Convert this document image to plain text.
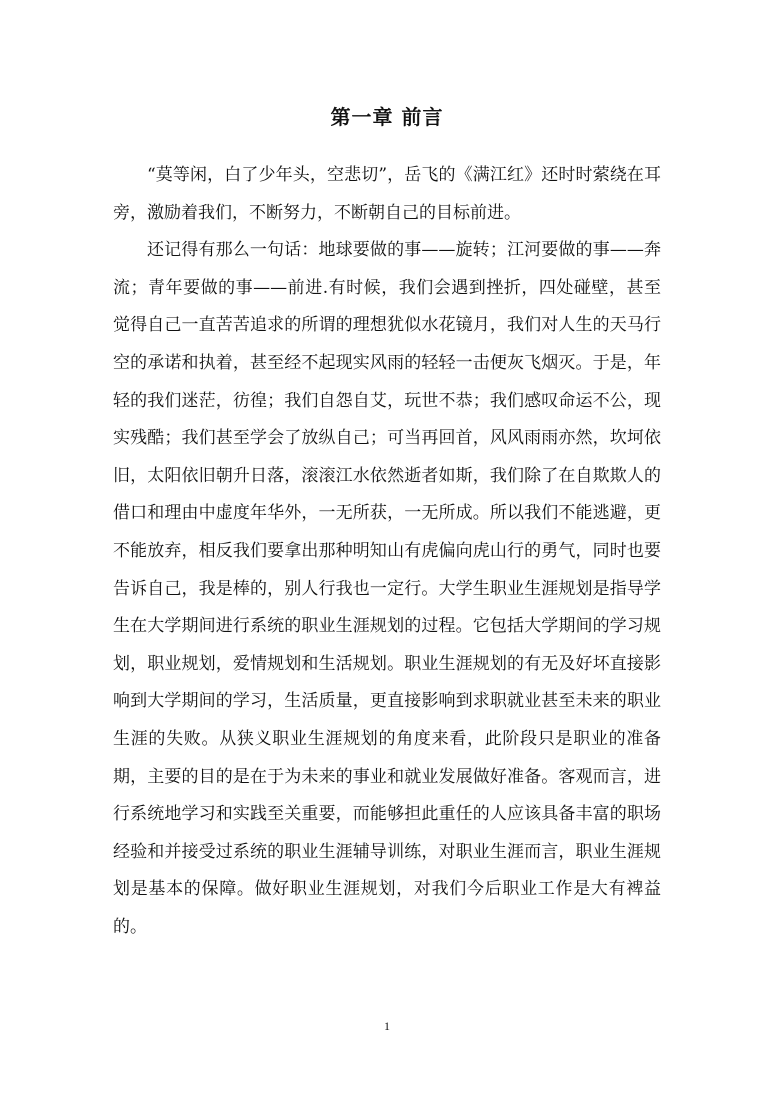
第一章 前言

“莫等闲，白了少年头，空悲切”，岳飞的《满江红》还时时萦绕在耳旁，激励着我们，不断努力，不断朝自己的目标前进。

还记得有那么一句话：地球要做的事——旋转；江河要做的事——奔流；青年要做的事——前进.有时候，我们会遇到挫折，四处碰壁，甚至觉得自己一直苦苦追求的所谓的理想犹似水花镜月，我们对人生的天马行空的承诺和执着，甚至经不起现实风雨的轻轻一击便灰飞烟灭。于是，年轻的我们迷茫，彷徨；我们自怨自艾，玩世不恭；我们感叹命运不公，现实残酷；我们甚至学会了放纵自己；可当再回首，风风雨雨亦然，坎坷依旧，太阳依旧朝升日落，滚滚江水依然逝者如斯，我们除了在自欺欺人的借口和理由中虚度年华外，一无所获，一无所成。所以我们不能逃避，更不能放弃，相反我们要拿出那种明知山有虎偏向虎山行的勇气，同时也要告诉自己，我是棒的，别人行我也一定行。大学生职业生涯规划是指导学生在大学期间进行系统的职业生涯规划的过程。它包括大学期间的学习规划，职业规划，爱情规划和生活规划。职业生涯规划的有无及好坏直接影响到大学期间的学习，生活质量，更直接影响到求职就业甚至未来的职业生涯的失败。从狭义职业生涯规划的角度来看，此阶段只是职业的准备期，主要的目的是在于为未来的事业和就业发展做好准备。客观而言，进行系统地学习和实践至关重要，而能够担此重任的人应该具备丰富的职场经验和并接受过系统的职业生涯辅导训练，对职业生涯而言，职业生涯规划是基本的保障。做好职业生涯规划，对我们今后职业工作是大有裨益的。

1
